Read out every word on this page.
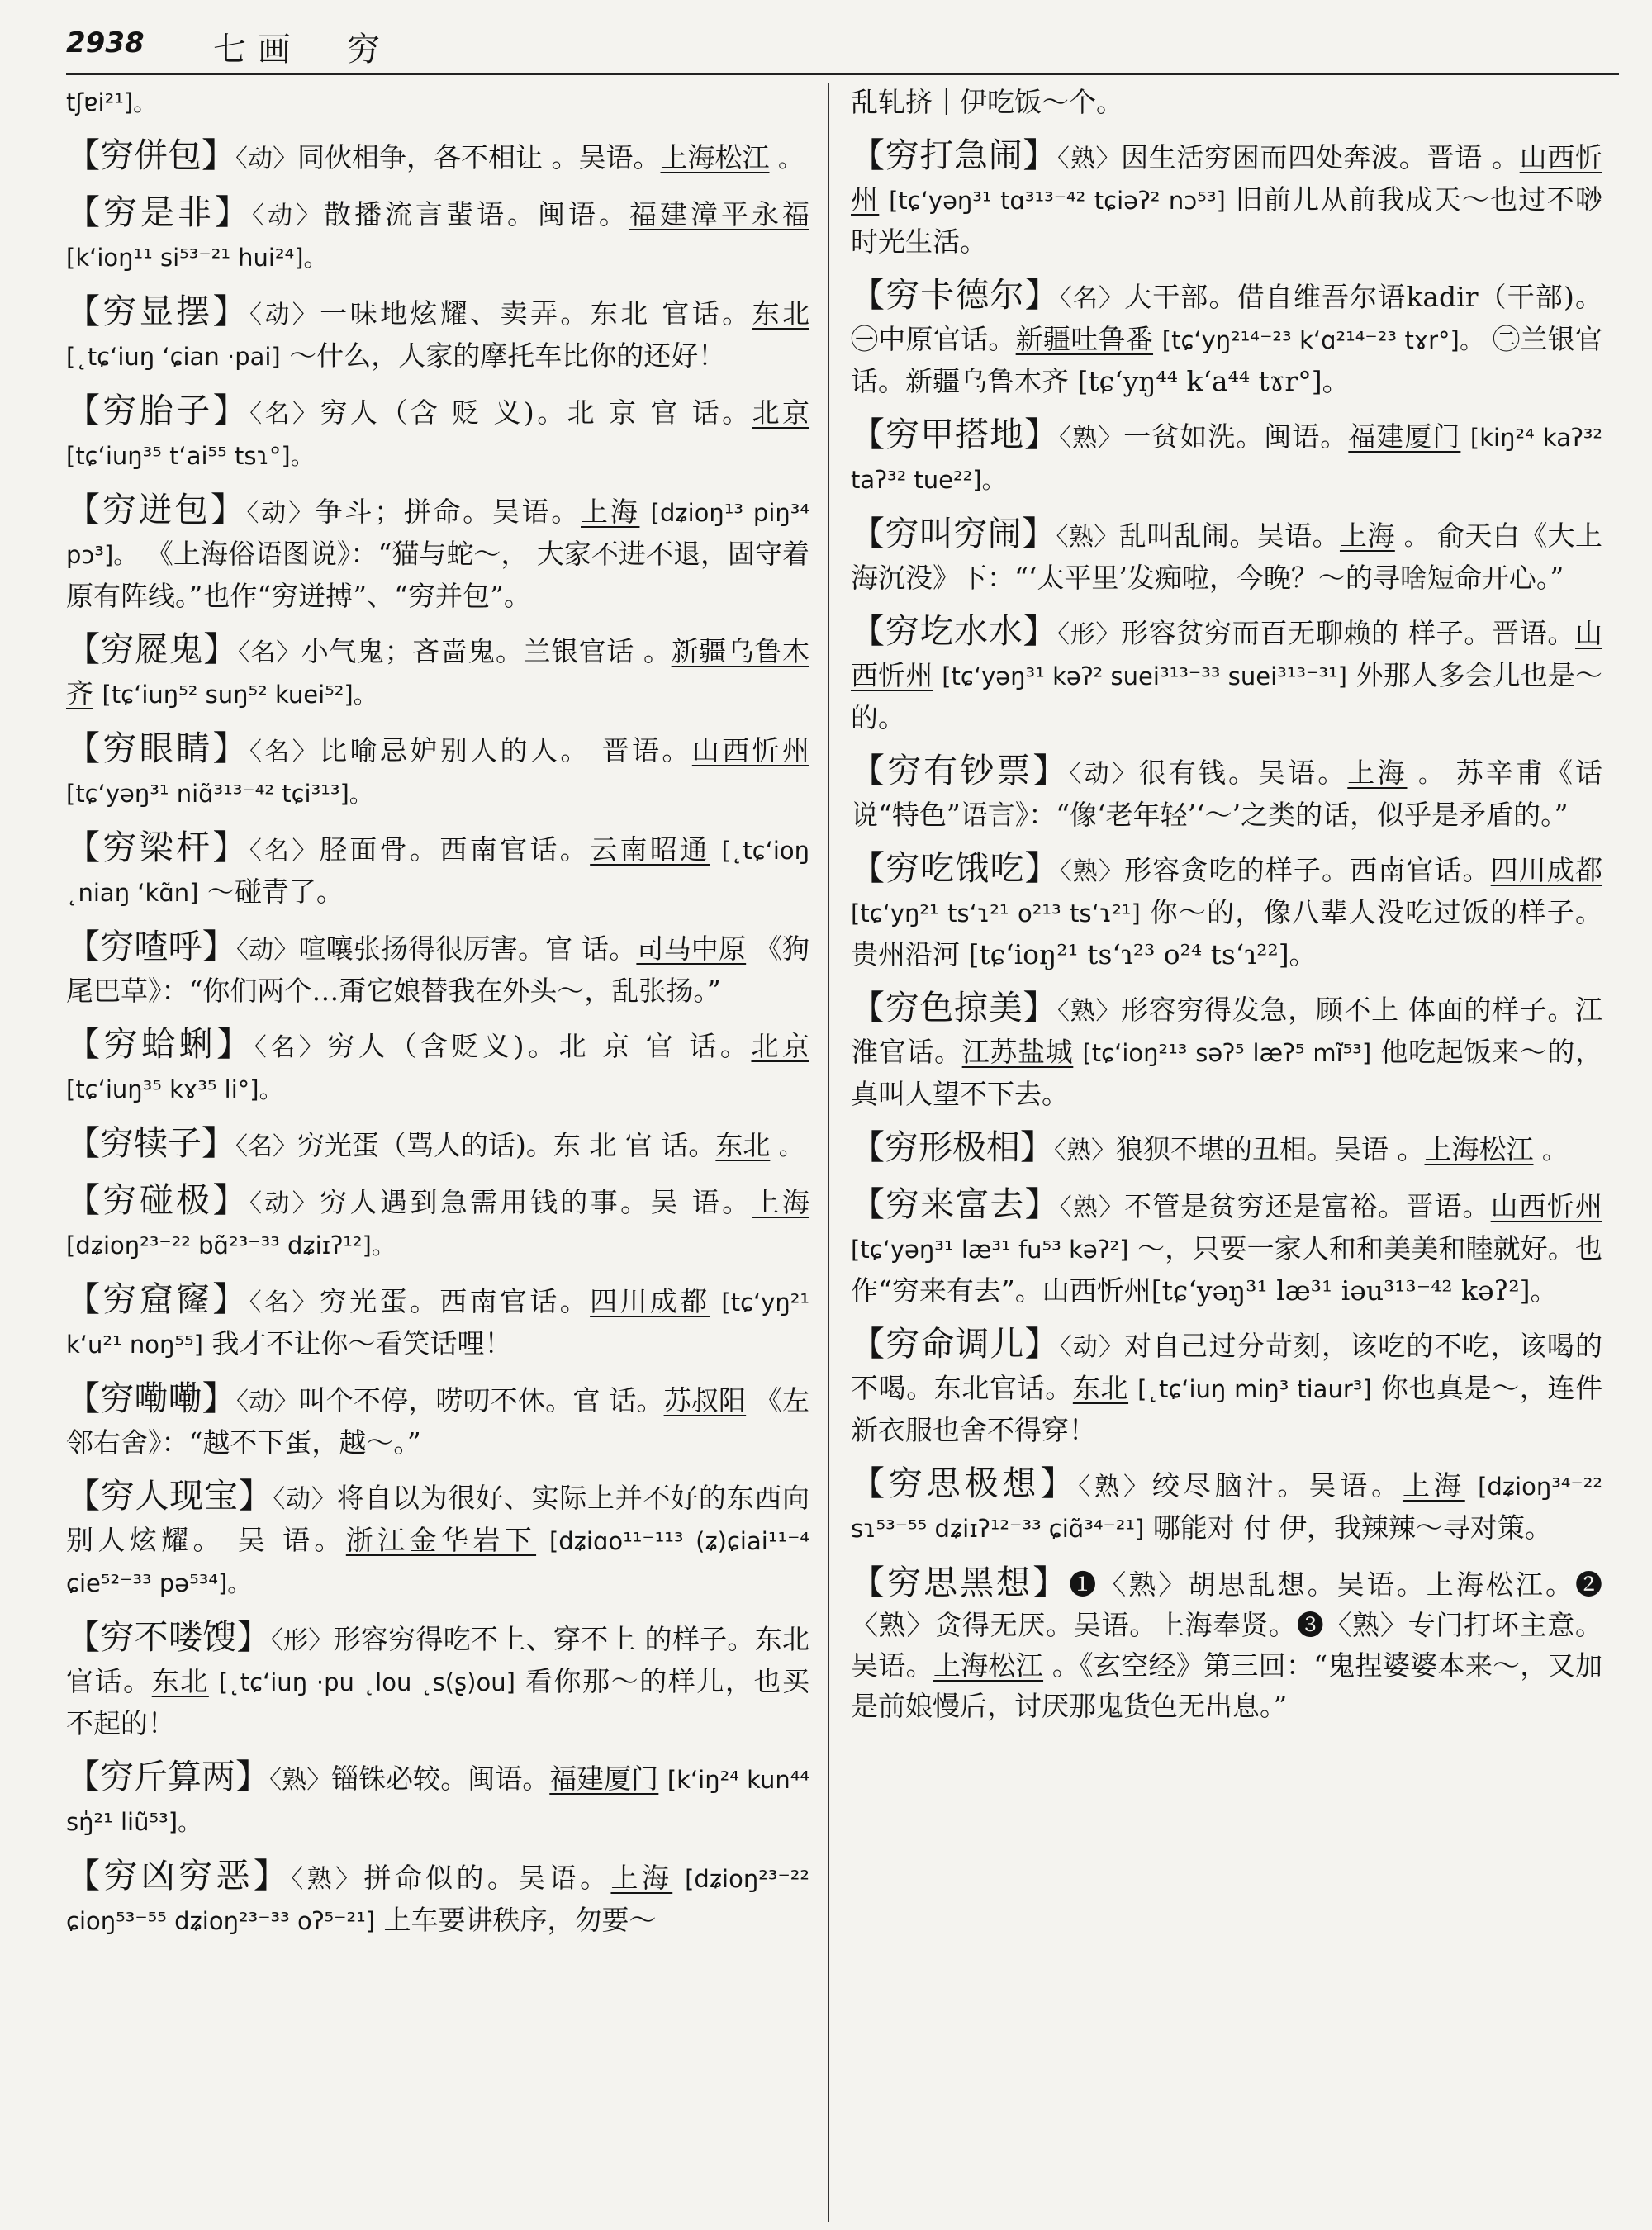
2938 七画　穷
tʃɐi²¹]。

【穷併包】〈动〉同伙相争，各不相让 。吴语。上海松江 。

【穷是非】〈动〉散播流言蜚语。闽语。福建漳平永福 [k‘ioŋ¹¹ si⁵³⁻²¹ hui²⁴]。

【穷显摆】〈动〉一味地炫耀、卖弄。东北 官话。东北 [˛tɕ‘iuŋ ‘ɕian ·pai] ～什么，人家的摩托车比你的还好！

【穷胎子】〈名〉穷人（含 贬 义)。北 京 官 话。北京 [tɕ‘iuŋ³⁵ t‘ai⁵⁵ tsɿ°]。

【穷迸包】〈动〉争斗；拼命。吴语。上海 [dʑioŋ¹³ piŋ³⁴ pɔ³]。 《上海俗语图说》：“猫与蛇～， 大家不进不退，固守着原有阵线。”也作“穷迸搏”、“穷并包”。

【穷㞞鬼】〈名〉小气鬼；吝啬鬼。兰银官话 。新疆乌鲁木齐 [tɕ‘iuŋ⁵² suŋ⁵² kuei⁵²]。

【穷眼睛】〈名〉比喻忌妒别人的人。 晋语。山西忻州 [tɕ‘yəŋ³¹ niɑ̃³¹³⁻⁴² tɕi³¹³]。

【穷梁杆】〈名〉胫面骨。西南官话。云南昭通 [˛tɕ‘ioŋ ˛niaŋ ‘kɑ̃n] ～碰青了。

【穷喳呼】〈动〉喧嚷张扬得很厉害。官 话。司马中原 《狗尾巴草》：“你们两个…甭它娘替我在外头～，乱张扬。”

【穷蛤蜊】〈名〉穷人（含贬义)。北 京 官 话。北京 [tɕ‘iuŋ³⁵ kɤ³⁵ li°]。

【穷犊子】〈名〉穷光蛋（骂人的话)。东 北 官 话。东北 。

【穷碰极】〈动〉穷人遇到急需用钱的事。吴 语。上海 [dʑioŋ²³⁻²² bɑ̃²³⁻³³ dʑiɪʔ¹²]。

【穷窟窿】〈名〉穷光蛋。西南官话。四川成都 [tɕ‘yŋ²¹ k‘u²¹ noŋ⁵⁵] 我才不让你～看笑话哩！

【穷嘞嘞】〈动〉叫个不停，唠叨不休。官 话。苏叔阳 《左邻右舍》：“越不下蛋，越～。”

【穷人现宝】〈动〉将自以为很好、实际上并不好的东西向别人炫耀。 吴 语。浙江金华岩下 [dʑiɑo¹¹⁻¹¹³ (ʑ)ɕiai¹¹⁻⁴ ɕie⁵²⁻³³ pə⁵³⁴]。

【穷不喽馊】〈形〉形容穷得吃不上、穿不上 的样子。东北官话。东北 [˛tɕ‘iuŋ ·pu ˛lou ˛s(ʂ)ou] 看你那～的样儿，也买不起的！

【穷斤算两】〈熟〉锱铢必较。闽语。福建厦门 [k‘iŋ²⁴ kun⁴⁴ sŋ̍²¹ liũ⁵³]。

【穷凶穷恶】〈熟〉拼命似的。吴语。上海 [dʑioŋ²³⁻²² ɕioŋ⁵³⁻⁵⁵ dʑioŋ²³⁻³³ oʔ⁵⁻²¹] 上车要讲秩序，勿要～

乱轧挤｜伊吃饭～个。

【穷打急闹】〈熟〉因生活穷困而四处奔波。晋语 。山西忻州 [tɕ‘yəŋ³¹ tɑ³¹³⁻⁴² tɕiəʔ² nɔ⁵³] 旧前儿从前我成天～也过不唦时光生活。

【穷卡德尔】〈名〉大干部。借自维吾尔语kadir（干部)。㊀中原官话。新疆吐鲁番 [tɕ‘yŋ²¹⁴⁻²³ k‘ɑ²¹⁴⁻²³ tɤr°]。 ㊁兰银官话。新疆乌鲁木齐 [tɕ‘yŋ⁴⁴ k‘a⁴⁴ tɤr°]。

【穷甲搭地】〈熟〉一贫如洗。闽语。福建厦门 [kiŋ²⁴ kaʔ³² taʔ³² tue²²]。

【穷叫穷闹】〈熟〉乱叫乱闹。吴语。上海 。 俞天白《大上海沉没》下：“‘太平里’发痴啦，今晚？～的寻啥短命开心。”

【穷圪水水】〈形〉形容贫穷而百无聊赖的 样子。晋语。山西忻州 [tɕ‘yəŋ³¹ kəʔ² suei³¹³⁻³³ suei³¹³⁻³¹] 外那人多会儿也是～的。

【穷有钞票】〈动〉很有钱。吴语。上海 。 苏辛甫《话说“特色”语言》：“像‘老年轻’‘～’之类的话，似乎是矛盾的。”

【穷吃饿吃】〈熟〉形容贪吃的样子。西南官话。四川成都 [tɕ‘yŋ²¹ ts‘ɿ²¹ o²¹³ ts‘ɿ²¹] 你～的，像八辈人没吃过饭的样子。贵州沿河 [tɕ‘ioŋ²¹ ts‘ɿ²³ o²⁴ ts‘ɿ²²]。

【穷色掠美】〈熟〉形容穷得发急，顾不上 体面的样子。江淮官话。江苏盐城 [tɕ‘ioŋ²¹³ səʔ⁵ læʔ⁵ mĩ⁵³] 他吃起饭来～的，真叫人望不下去。

【穷形极相】〈熟〉狼狈不堪的丑相。吴语 。上海松江 。

【穷来富去】〈熟〉不管是贫穷还是富裕。晋语。山西忻州 [tɕ‘yəŋ³¹ læ³¹ fu⁵³ kəʔ²] ～，只要一家人和和美美和睦就好。也作“穷来有去”。山西忻州[tɕ‘yəŋ³¹ læ³¹ iəu³¹³⁻⁴² kəʔ²]。

【穷命调儿】〈动〉对自己过分苛刻，该吃的不吃，该喝的不喝。东北官话。东北 [˛tɕ‘iuŋ miŋ³ tiaur³] 你也真是～，连件新衣服也舍不得穿！

【穷思极想】〈熟〉绞尽脑汁。吴语。上海 [dʑioŋ³⁴⁻²² sɿ⁵³⁻⁵⁵ dʑiɪʔ¹²⁻³³ ɕiɑ̃³⁴⁻²¹] 哪能对 付 伊，我辣辣～寻对策。

【穷思黑想】❶〈熟〉胡思乱想。吴语。上海松江。❷〈熟〉贪得无厌。吴语。上海奉贤。❸〈熟〉专门打坏主意。吴语。上海松江 。《玄空经》第三回：“鬼捏婆婆本来～，又加是前娘慢后，讨厌那鬼货色无出息。”
